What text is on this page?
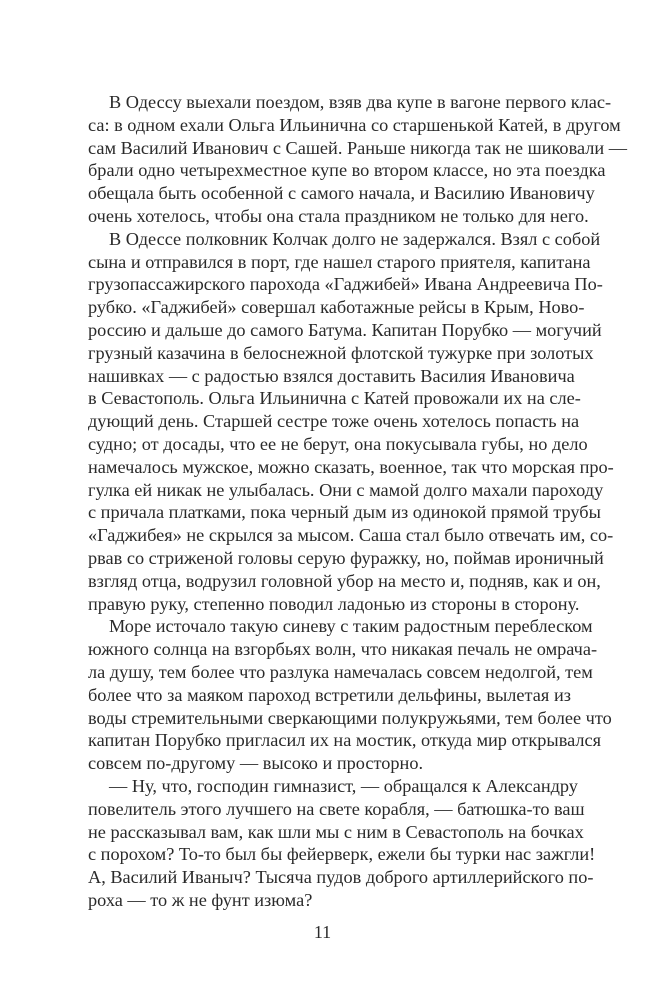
В Одессу выехали поездом, взяв два купе в вагоне первого клас-
са: в одном ехали Ольга Ильинична со старшенькой Катей, в другом
сам Василий Иванович с Сашей. Раньше никогда так не шиковали —
брали одно четырехместное купе во втором классе, но эта поездка
обещала быть особенной с самого начала, и Василию Ивановичу
очень хотелось, чтобы она стала праздником не только для него.
В Одессе полковник Колчак долго не задержался. Взял с собой
сына и отправился в порт, где нашел старого приятеля, капитана
грузопассажирского парохода «Гаджибей» Ивана Андреевича По-
рубко. «Гаджибей» совершал каботажные рейсы в Крым, Ново-
россию и дальше до самого Батума. Капитан Порубко — могучий
грузный казачина в белоснежной флотской тужурке при золотых
нашивках — с радостью взялся доставить Василия Ивановича
в Севастополь. Ольга Ильинична с Катей провожали их на сле-
дующий день. Старшей сестре тоже очень хотелось попасть на
судно; от досады, что ее не берут, она покусывала губы, но дело
намечалось мужское, можно сказать, военное, так что морская про-
гулка ей никак не улыбалась. Они с мамой долго махали пароходу
с причала платками, пока черный дым из одинокой прямой трубы
«Гаджибея» не скрылся за мысом. Саша стал было отвечать им, со-
рвав со стриженой головы серую фуражку, но, поймав ироничный
взгляд отца, водрузил головной убор на место и, подняв, как и он,
правую руку, степенно поводил ладонью из стороны в сторону.
Море источало такую синеву с таким радостным переблеском
южного солнца на взгорбьях волн, что никакая печаль не омрача-
ла душу, тем более что разлука намечалась совсем недолгой, тем
более что за маяком пароход встретили дельфины, вылетая из
воды стремительными сверкающими полукружьями, тем более что
капитан Порубко пригласил их на мостик, откуда мир открывался
совсем по-другому — высоко и просторно.
— Ну, что, господин гимназист, — обращался к Александру
повелитель этого лучшего на свете корабля, — батюшка-то ваш
не рассказывал вам, как шли мы с ним в Севастополь на бочках
с порохом? То-то был бы фейерверк, ежели бы турки нас зажгли!
А, Василий Иваныч? Тысяча пудов доброго артиллерийского по-
роха — то ж не фунт изюма?
11
